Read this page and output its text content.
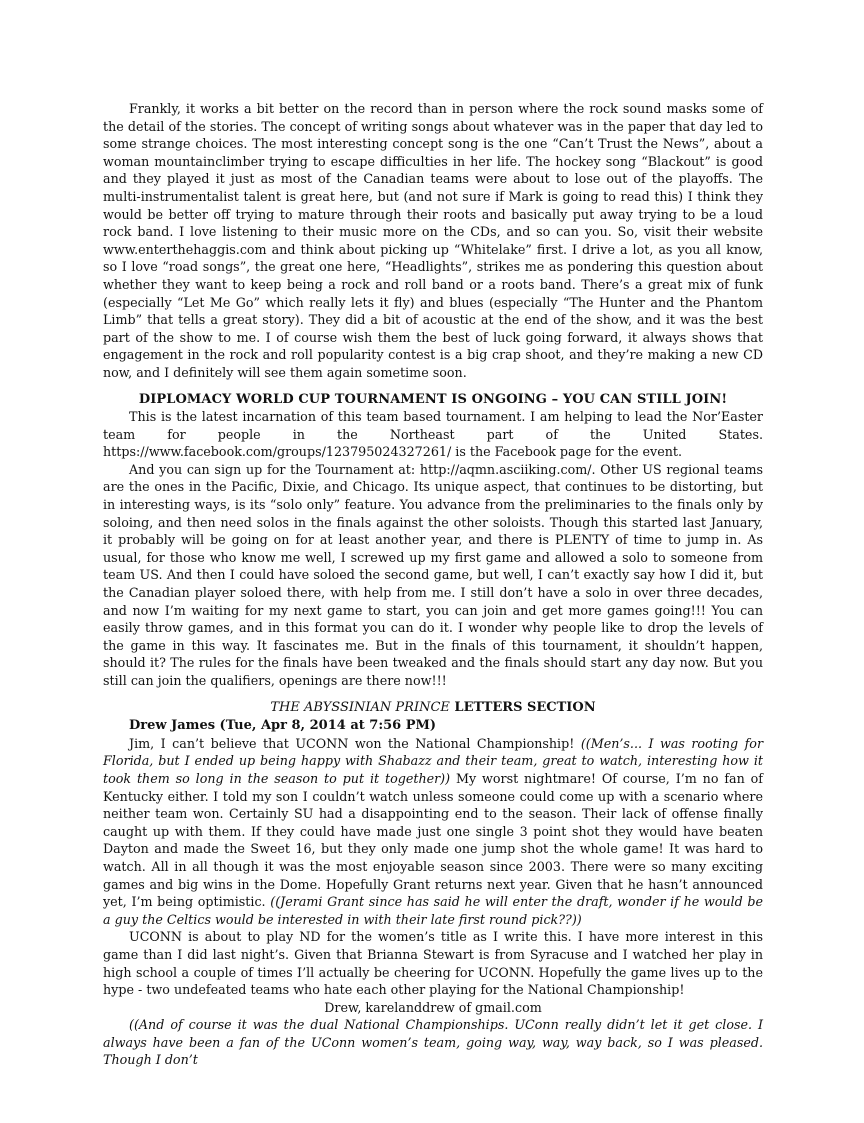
Frankly, it works a bit better on the record than in person where the rock sound masks some of the detail of the stories. The concept of writing songs about whatever was in the paper that day led to some strange choices. The most interesting concept song is the one “Can’t Trust the News”, about a woman mountainclimber trying to escape difficulties in her life. The hockey song “Blackout” is good and they played it just as most of the Canadian teams were about to lose out of the playoffs. The multi-instrumentalist talent is great here, but (and not sure if Mark is going to read this) I think they would be better off trying to mature through their roots and basically put away trying to be a loud rock band. I love listening to their music more on the CDs, and so can you. So, visit their website www.enterthehaggis.com and think about picking up “Whitelake” first. I drive a lot, as you all know, so I love “road songs”, the great one here, “Headlights”, strikes me as pondering this question about whether they want to keep being a rock and roll band or a roots band. There’s a great mix of funk (especially “Let Me Go” which really lets it fly) and blues (especially “The Hunter and the Phantom Limb” that tells a great story). They did a bit of acoustic at the end of the show, and it was the best part of the show to me. I of course wish them the best of luck going forward, it always shows that engagement in the rock and roll popularity contest is a big crap shoot, and they’re making a new CD now, and I definitely will see them again sometime soon.

DIPLOMACY WORLD CUP TOURNAMENT IS ONGOING – YOU CAN STILL JOIN!

This is the latest incarnation of this team based tournament. I am helping to lead the Nor’Easter team for people in the Northeast part of the United States. https://www.facebook.com/groups/123795024327261/ is the Facebook page for the event.

And you can sign up for the Tournament at: http://aqmn.asciiking.com/. Other US regional teams are the ones in the Pacific, Dixie, and Chicago. Its unique aspect, that continues to be distorting, but in interesting ways, is its “solo only” feature. You advance from the preliminaries to the finals only by soloing, and then need solos in the finals against the other soloists. Though this started last January, it probably will be going on for at least another year, and there is PLENTY of time to jump in. As usual, for those who know me well, I screwed up my first game and allowed a solo to someone from team US. And then I could have soloed the second game, but well, I can’t exactly say how I did it, but the Canadian player soloed there, with help from me. I still don’t have a solo in over three decades, and now I’m waiting for my next game to start, you can join and get more games going!!! You can easily throw games, and in this format you can do it. I wonder why people like to drop the levels of the game in this way. It fascinates me. But in the finals of this tournament, it shouldn’t happen, should it? The rules for the finals have been tweaked and the finals should start any day now. But you still can join the qualifiers, openings are there now!!!

THE ABYSSINIAN PRINCE LETTERS SECTION
Drew James (Tue, Apr 8, 2014 at 7:56 PM)

Jim, I can’t believe that UCONN won the National Championship! ((Men’s... I was rooting for Florida, but I ended up being happy with Shabazz and their team, great to watch, interesting how it took them so long in the season to put it together)) My worst nightmare! Of course, I’m no fan of Kentucky either. I told my son I couldn’t watch unless someone could come up with a scenario where neither team won. Certainly SU had a disappointing end to the season. Their lack of offense finally caught up with them. If they could have made just one single 3 point shot they would have beaten Dayton and made the Sweet 16, but they only made one jump shot the whole game! It was hard to watch. All in all though it was the most enjoyable season since 2003. There were so many exciting games and big wins in the Dome. Hopefully Grant returns next year. Given that he hasn’t announced yet, I’m being optimistic. ((Jerami Grant since has said he will enter the draft, wonder if he would be a guy the Celtics would be interested in with their late first round pick??))

UCONN is about to play ND for the women’s title as I write this. I have more interest in this game than I did last night’s. Given that Brianna Stewart is from Syracuse and I watched her play in high school a couple of times I’ll actually be cheering for UCONN. Hopefully the game lives up to the hype - two undefeated teams who hate each other playing for the National Championship!

Drew, karelanddrew of gmail.com

((And of course it was the dual National Championships. UConn really didn’t let it get close. I always have been a fan of the UConn women’s team, going way, way, way back, so I was pleased. Though I don’t
